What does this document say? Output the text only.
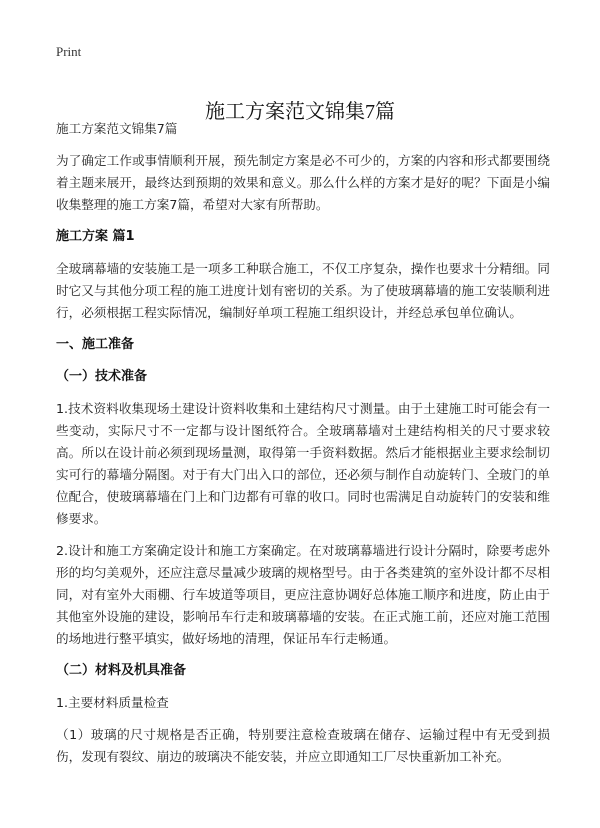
Print
施工方案范文锦集7篇

施工方案范文锦集7篇

为了确定工作或事情顺利开展，预先制定方案是必不可少的，方案的内容和形式都要围绕着主题来展开，最终达到预期的效果和意义。那么什么样的方案才是好的呢？下面是小编收集整理的施工方案7篇，希望对大家有所帮助。

施工方案 篇1

全玻璃幕墙的安装施工是一项多工种联合施工，不仅工序复杂，操作也要求十分精细。同时它又与其他分项工程的施工进度计划有密切的关系。为了使玻璃幕墙的施工安装顺利进行，必须根据工程实际情况，编制好单项工程施工组织设计，并经总承包单位确认。

一、施工准备

（一）技术准备

1.技术资料收集现场土建设计资料收集和土建结构尺寸测量。由于土建施工时可能会有一些变动，实际尺寸不一定都与设计图纸符合。全玻璃幕墙对土建结构相关的尺寸要求较高。所以在设计前必须到现场量测，取得第一手资料数据。然后才能根据业主要求绘制切实可行的幕墙分隔图。对于有大门出入口的部位，还必须与制作自动旋转门、全玻门的单位配合，使玻璃幕墙在门上和门边都有可靠的收口。同时也需满足自动旋转门的安装和维修要求。

2.设计和施工方案确定设计和施工方案确定。在对玻璃幕墙进行设计分隔时，除要考虑外形的均匀美观外，还应注意尽量减少玻璃的规格型号。由于各类建筑的室外设计都不尽相同，对有室外大雨棚、行车坡道等项目，更应注意协调好总体施工顺序和进度，防止由于其他室外设施的建设，影响吊车行走和玻璃幕墙的安装。在正式施工前，还应对施工范围的场地进行整平填实，做好场地的清理，保证吊车行走畅通。

（二）材料及机具准备

1.主要材料质量检查

（1）玻璃的尺寸规格是否正确，特别要注意检查玻璃在储存、运输过程中有无受到损伤，发现有裂纹、崩边的玻璃决不能安装，并应立即通知工厂尽快重新加工补充。
